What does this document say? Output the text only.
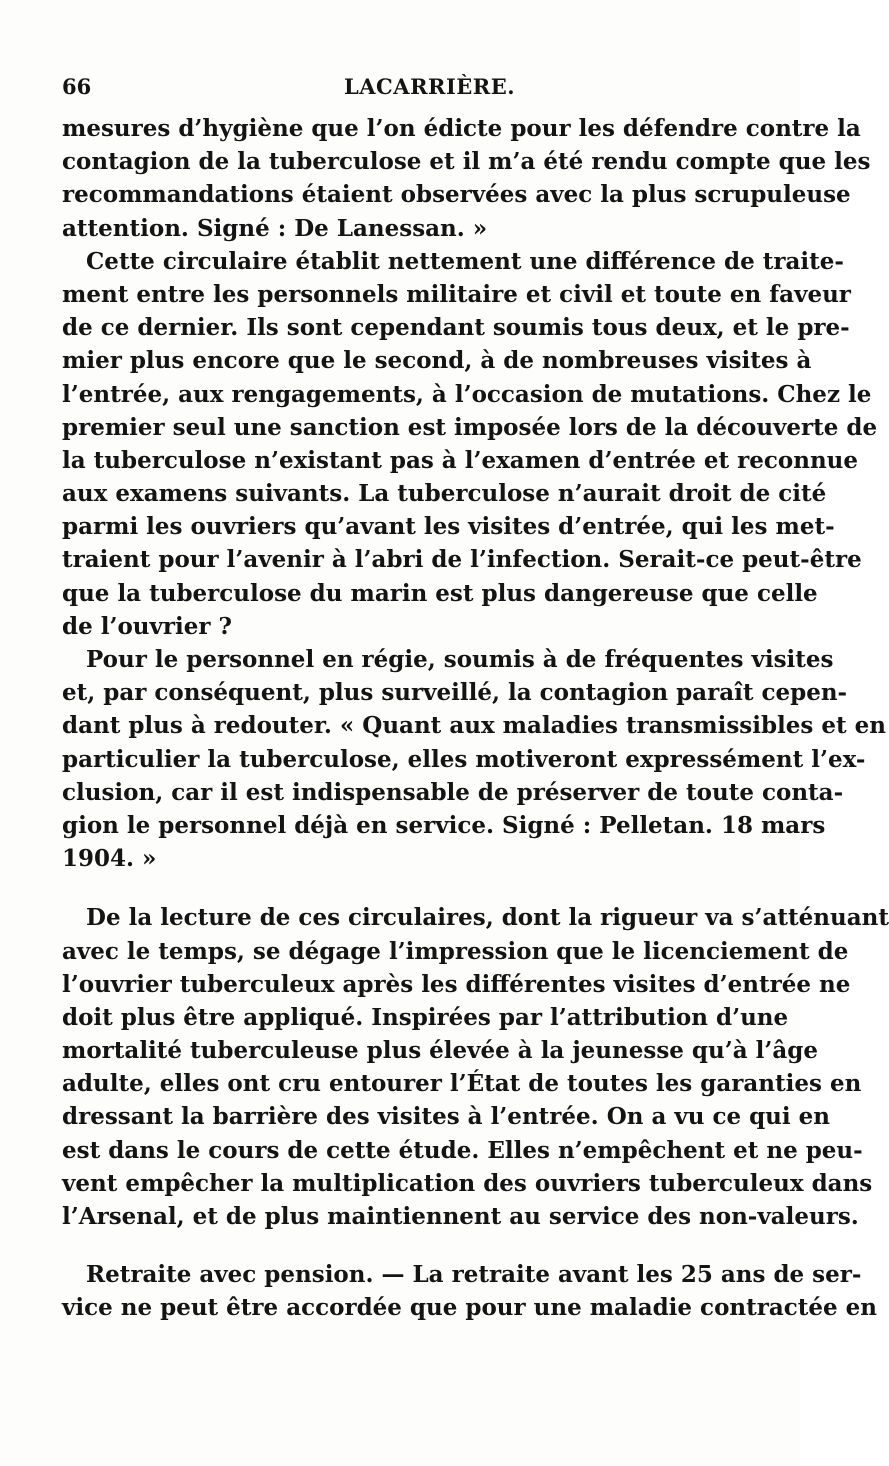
66	LACARRIÈRE.
mesures d’hygiène que l’on édicte pour les défendre contre la
contagion de la tuberculose et il m’a été rendu compte que les
recommandations étaient observées avec la plus scrupuleuse
attention. Signé : De Lanessan. »
Cette circulaire établit nettement une différence de traite-
ment entre les personnels militaire et civil et toute en faveur
de ce dernier. Ils sont cependant soumis tous deux, et le pre-
mier plus encore que le second, à de nombreuses visites à
l’entrée, aux rengagements, à l’occasion de mutations. Chez le
premier seul une sanction est imposée lors de la découverte de
la tuberculose n’existant pas à l’examen d’entrée et reconnue
aux examens suivants. La tuberculose n’aurait droit de cité
parmi les ouvriers qu’avant les visites d’entrée, qui les met-
traient pour l’avenir à l’abri de l’infection. Serait-ce peut-être
que la tuberculose du marin est plus dangereuse que celle
de l’ouvrier ?
Pour le personnel en régie, soumis à de fréquentes visites
et, par conséquent, plus surveillé, la contagion paraît cepen-
dant plus à redouter. « Quant aux maladies transmissibles et en
particulier la tuberculose, elles motiveront expressément l’ex-
clusion, car il est indispensable de préserver de toute conta-
gion le personnel déjà en service. Signé : Pelletan. 18 mars
1904. »
De la lecture de ces circulaires, dont la rigueur va s’atténuant
avec le temps, se dégage l’impression que le licenciement de
l’ouvrier tuberculeux après les différentes visites d’entrée ne
doit plus être appliqué. Inspirées par l’attribution d’une
mortalité tuberculeuse plus élevée à la jeunesse qu’à l’âge
adulte, elles ont cru entourer l’État de toutes les garanties en
dressant la barrière des visites à l’entrée. On a vu ce qui en
est dans le cours de cette étude. Elles n’empêchent et ne peu-
vent empêcher la multiplication des ouvriers tuberculeux dans
l’Arsenal, et de plus maintiennent au service des non-valeurs.
Retraite avec pension. — La retraite avant les 25 ans de ser-
vice ne peut être accordée que pour une maladie contractée en
